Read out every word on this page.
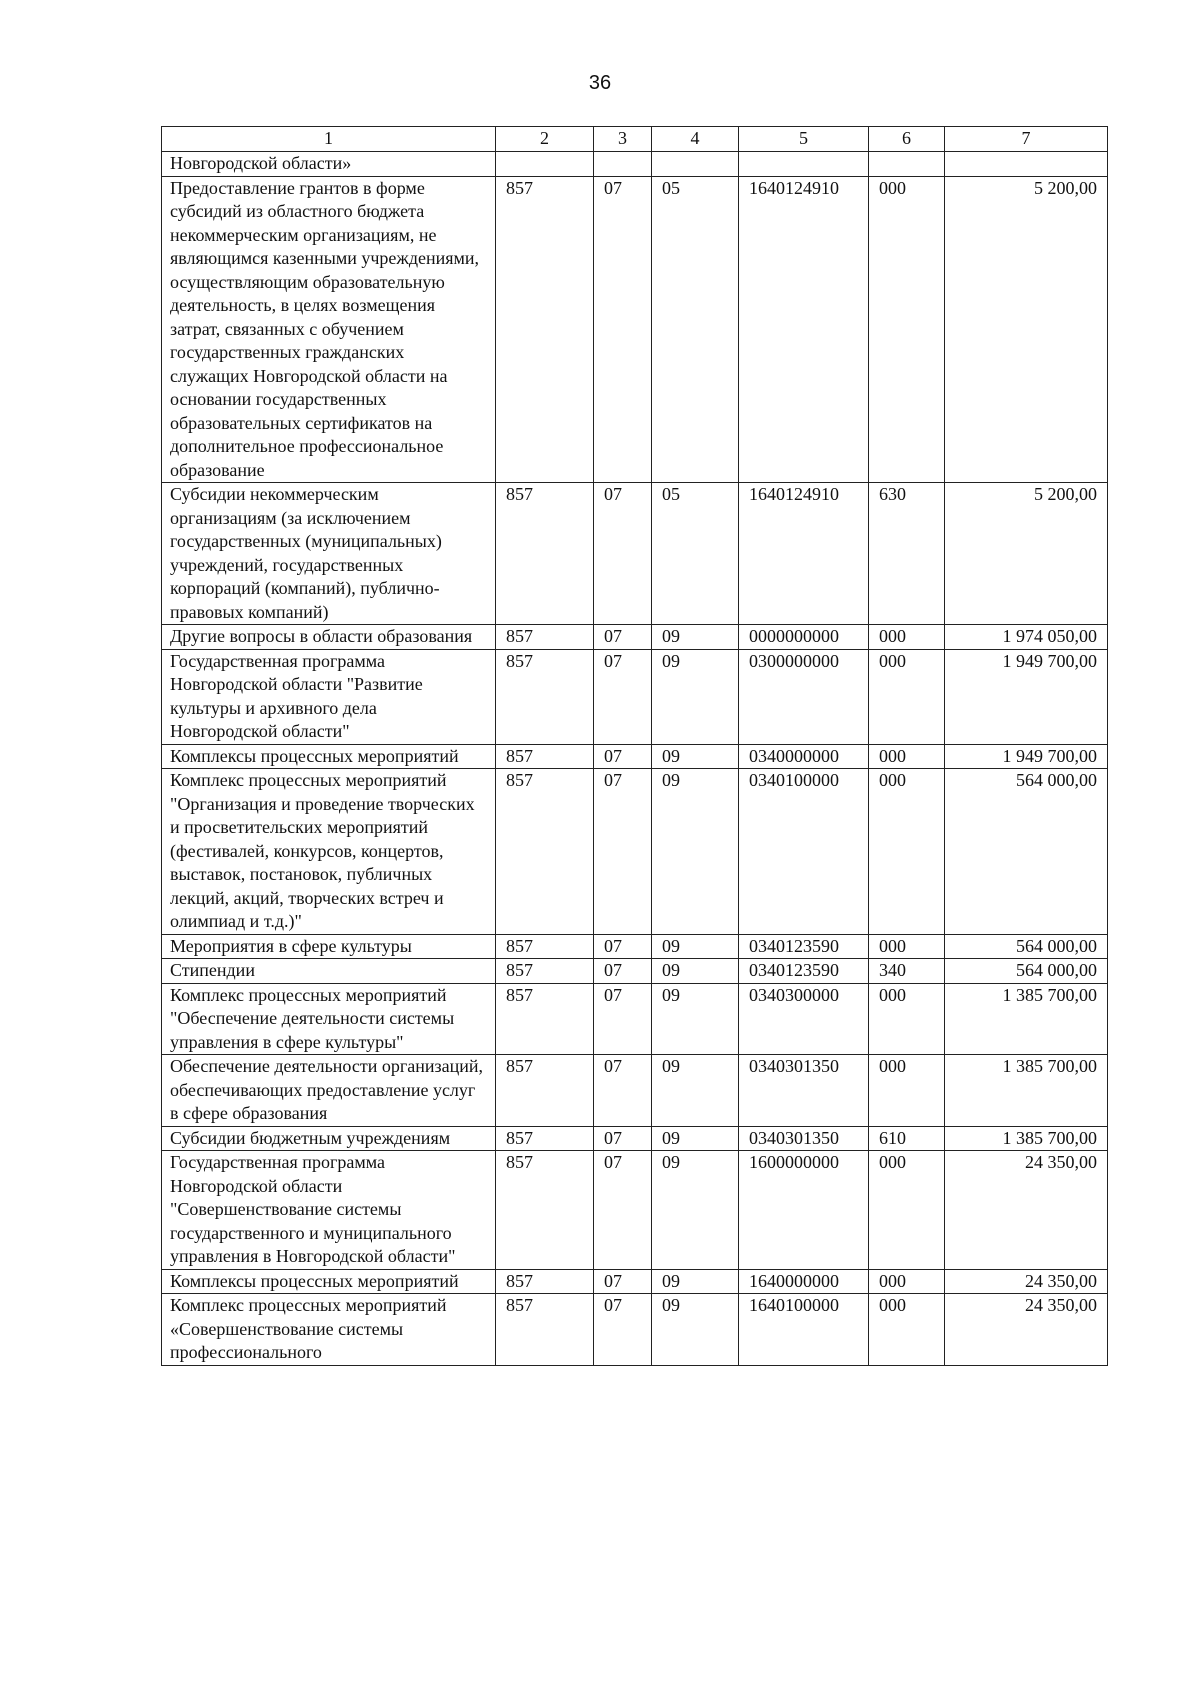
36
1	2	3	4	5	6	7
Новгородской области»						
Предоставление грантов в форме субсидий из областного бюджета некоммерческим организациям, не являющимся казенными учреждениями, осуществляющим образовательную деятельность, в целях возмещения затрат, связанных с обучением государственных гражданских служащих Новгородской области на основании государственных образовательных сертификатов на дополнительное профессиональное образование	857	07	05	1640124910	000	5 200,00
Субсидии некоммерческим организациям (за исключением государственных (муниципальных) учреждений, государственных корпораций (компаний), публично-правовых компаний)	857	07	05	1640124910	630	5 200,00
Другие вопросы в области образования	857	07	09	0000000000	000	1 974 050,00
Государственная программа Новгородской области "Развитие культуры и архивного дела Новгородской области"	857	07	09	0300000000	000	1 949 700,00
Комплексы процессных мероприятий	857	07	09	0340000000	000	1 949 700,00
Комплекс процессных мероприятий "Организация и проведение творческих и просветительских мероприятий (фестивалей, конкурсов, концертов, выставок, постановок, публичных лекций, акций, творческих встреч и олимпиад и т.д.)"	857	07	09	0340100000	000	564 000,00
Мероприятия в сфере культуры	857	07	09	0340123590	000	564 000,00
Стипендии	857	07	09	0340123590	340	564 000,00
Комплекс процессных мероприятий "Обеспечение деятельности системы управления в сфере культуры"	857	07	09	0340300000	000	1 385 700,00
Обеспечение деятельности организаций, обеспечивающих предоставление услуг в сфере образования	857	07	09	0340301350	000	1 385 700,00
Субсидии бюджетным учреждениям	857	07	09	0340301350	610	1 385 700,00
Государственная программа Новгородской области "Совершенствование системы государственного и муниципального управления в Новгородской области"	857	07	09	1600000000	000	24 350,00
Комплексы процессных мероприятий	857	07	09	1640000000	000	24 350,00
Комплекс процессных мероприятий «Совершенствование системы профессионального	857	07	09	1640100000	000	24 350,00
